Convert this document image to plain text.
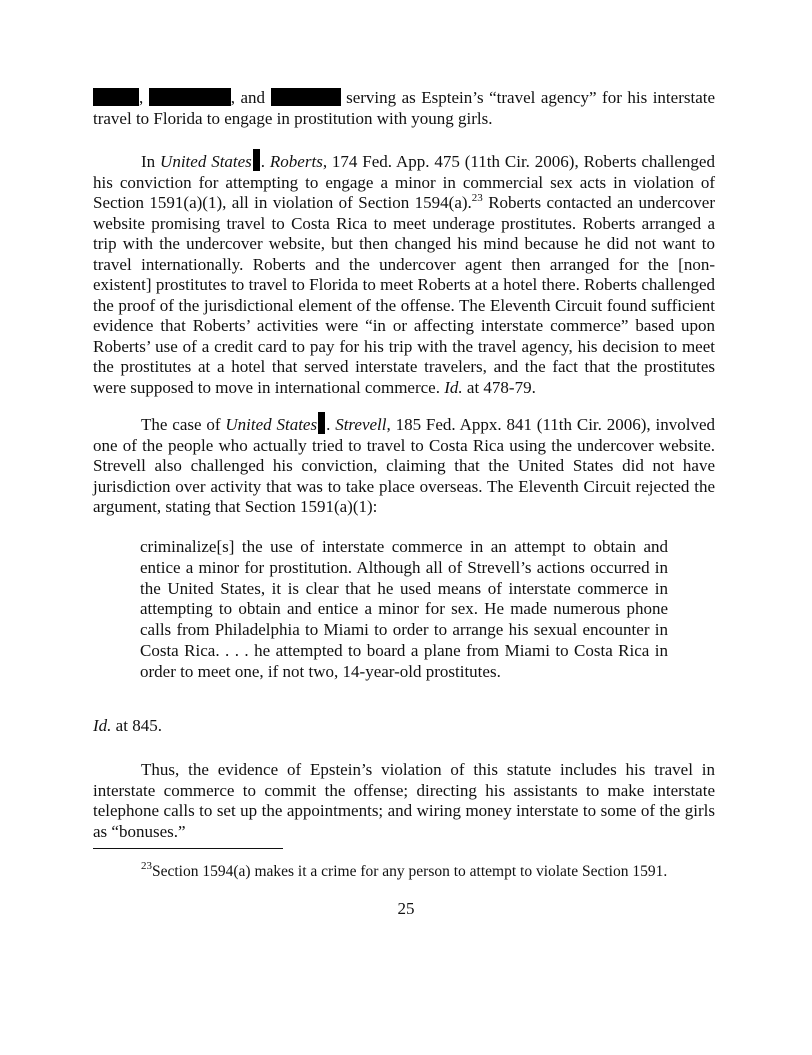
,	, and	serving as Esptein’s “travel agency” for his interstate travel to Florida to engage in prostitution with young girls.

In United States . Roberts, 174 Fed. App. 475 (11th Cir. 2006), Roberts challenged his conviction for attempting to engage a minor in commercial sex acts in violation of Section 1591(a)(1), all in violation of Section 1594(a).$^{23}$ Roberts contacted an undercover website promising travel to Costa Rica to meet underage prostitutes. Roberts arranged a trip with the undercover website, but then changed his mind because he did not want to travel internationally. Roberts and the undercover agent then arranged for the [non-existent] prostitutes to travel to Florida to meet Roberts at a hotel there. Roberts challenged the proof of the jurisdictional element of the offense. The Eleventh Circuit found sufficient evidence that Roberts’ activities were “in or affecting interstate commerce” based upon Roberts’ use of a credit card to pay for his trip with the travel agency, his decision to meet the prostitutes at a hotel that served interstate travelers, and the fact that the prostitutes were supposed to move in international commerce. Id. at 478-79.

The case of United States . Strevell, 185 Fed. Appx. 841 (11th Cir. 2006), involved one of the people who actually tried to travel to Costa Rica using the undercover website. Strevell also challenged his conviction, claiming that the United States did not have jurisdiction over activity that was to take place overseas. The Eleventh Circuit rejected the argument, stating that Section 1591(a)(1):

criminalize[s] the use of interstate commerce in an attempt to obtain and entice a minor for prostitution. Although all of Strevell’s actions occurred in the United States, it is clear that he used means of interstate commerce in attempting to obtain and entice a minor for sex. He made numerous phone calls from Philadelphia to Miami to order to arrange his sexual encounter in Costa Rica. . . . he attempted to board a plane from Miami to Costa Rica in order to meet one, if not two, 14-year-old prostitutes.

Id. at 845.

Thus, the evidence of Epstein’s violation of this statute includes his travel in interstate commerce to commit the offense; directing his assistants to make interstate telephone calls to set up the appointments; and wiring money interstate to some of the girls as “bonuses.”

$^{23}$Section 1594(a) makes it a crime for any person to attempt to violate Section 1591.

25
